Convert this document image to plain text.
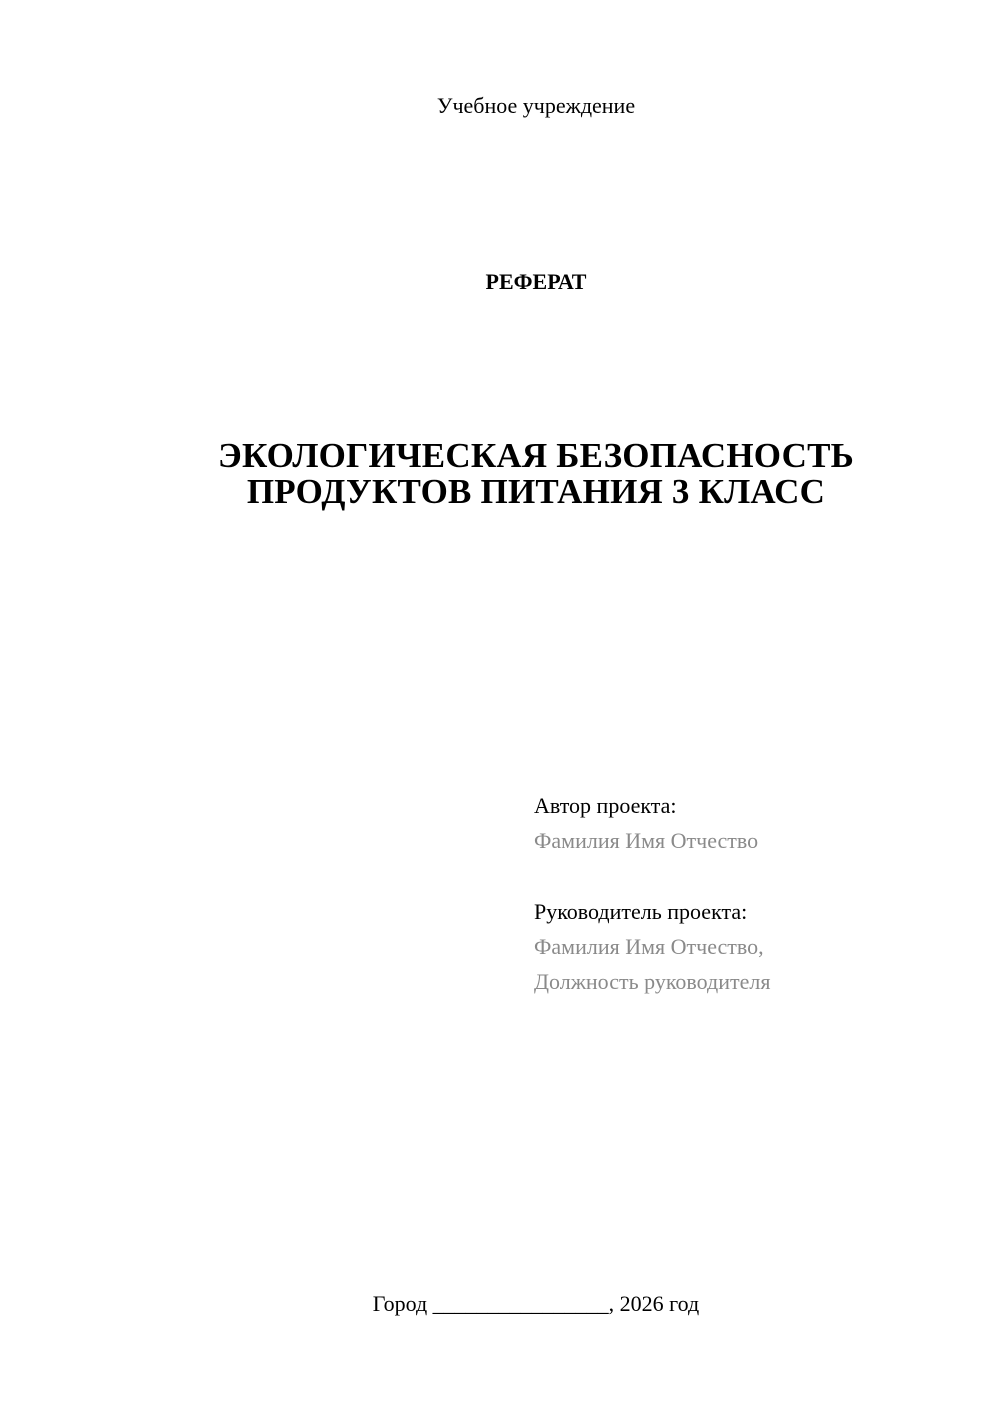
Учебное учреждение
РЕФЕРАТ
ЭКОЛОГИЧЕСКАЯ БЕЗОПАСНОСТЬ
ПРОДУКТОВ ПИТАНИЯ 3 КЛАСС
Автор проекта:
Фамилия Имя Отчество
Руководитель проекта:
Фамилия Имя Отчество,
Должность руководителя
Город ________________, 2026 год
